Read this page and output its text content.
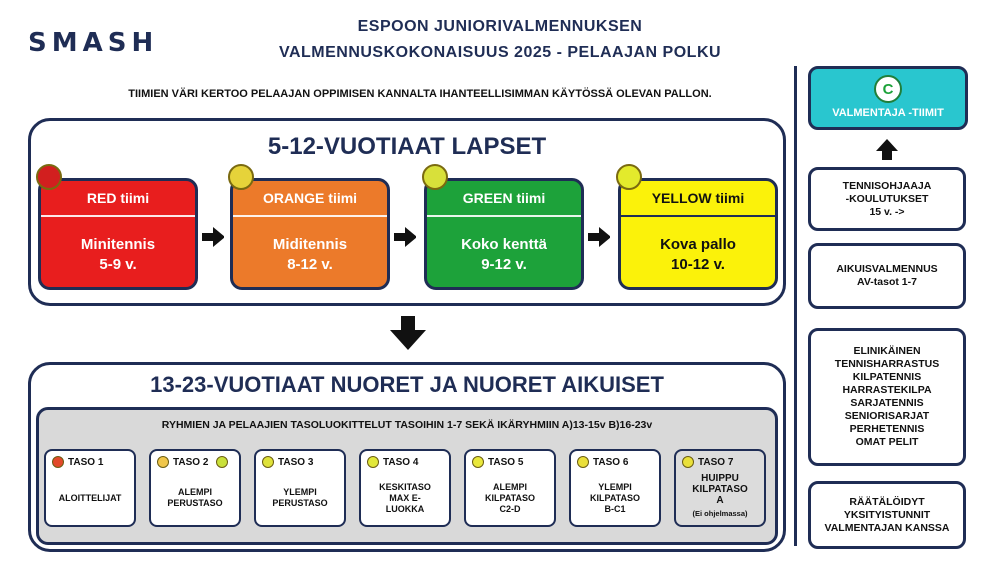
SMASH
ESPOON JUNIORIVALMENNUKSEN
VALMENNUSKOKONAISUUS 2025 - PELAAJAN POLKU
TIIMIEN VÄRI KERTOO PELAAJAN OPPIMISEN KANNALTA IHANTEELLISIMMAN KÄYTÖSSÄ OLEVAN PALLON.
5-12-VUOTIAAT LAPSET
RED tiimi
Minitennis
5-9 v.
ORANGE tiimi
Miditennis
8-12 v.
GREEN tiimi
Koko kenttä
9-12 v.
YELLOW tiimi
Kova pallo
10-12 v.
13-23-VUOTIAAT NUORET JA NUORET AIKUISET
RYHMIEN JA PELAAJIEN TASOLUOKITTELUT TASOIHIN 1-7 SEKÄ IKÄRYHMIIN A)13-15v B)16-23v
TASO 1
ALOITTELIJAT
TASO 2
ALEMPI
PERUSTASO
TASO 3
YLEMPI
PERUSTASO
TASO 4
KESKITASO
MAX E-
LUOKKA
TASO 5
ALEMPI
KILPATASO
C2-D
TASO 6
YLEMPI
KILPATASO
B-C1
TASO 7
HUIPPU
KILPATASO
A
(Ei ohjelmassa)
C
VALMENTAJA -TIIMIT
TENNISOHJAAJA
-KOULUTUKSET
15 v. ->
AIKUISVALMENNUS
AV-tasot 1-7
ELINIKÄINEN
TENNISHARRASTUS
KILPATENNIS
HARRASTEKILPA
SARJATENNIS
SENIORISARJAT
PERHETENNIS
OMAT PELIT
RÄÄTÄLÖIDYT
YKSITYISTUNNIT
VALMENTAJAN KANSSA
